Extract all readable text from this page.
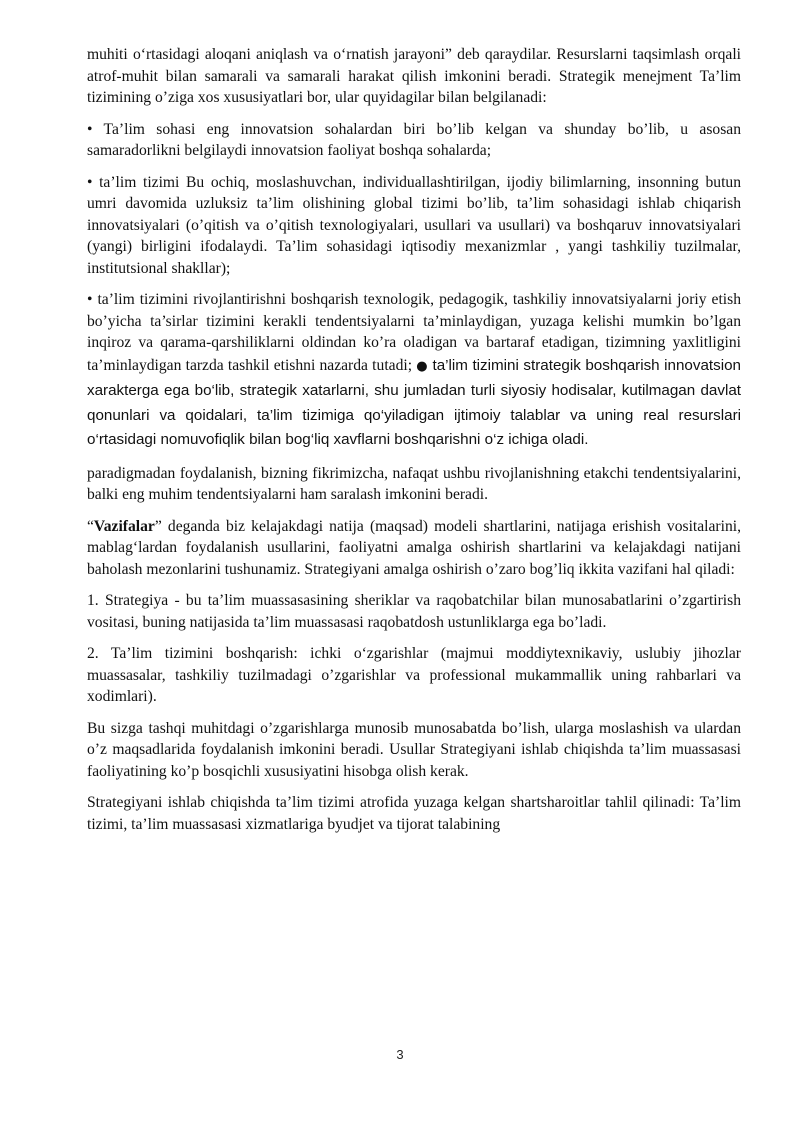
muhiti o‘rtasidagi aloqani aniqlash va o‘rnatish jarayoni” deb qaraydilar. Resurslarni taqsimlash orqali atrof-muhit bilan samarali va samarali harakat qilish imkonini beradi. Strategik menejment Ta’lim tizimining o’ziga xos xususiyatlari bor, ular quyidagilar bilan belgilanadi:

• Ta’lim sohasi eng innovatsion sohalardan biri bo’lib kelgan va shunday bo’lib, u asosan samaradorlikni belgilaydi innovatsion faoliyat boshqa sohalarda;

• ta’lim tizimi Bu ochiq, moslashuvchan, individuallashtirilgan, ijodiy bilimlarning, insonning butun umri davomida uzluksiz ta’lim olishining global tizimi bo’lib, ta’lim sohasidagi ishlab chiqarish innovatsiyalari (o’qitish va o’qitish texnologiyalari, usullari va usullari) va boshqaruv innovatsiyalari (yangi) birligini ifodalaydi. Ta’lim sohasidagi iqtisodiy mexanizmlar , yangi tashkiliy tuzilmalar, institutsional shakllar);

• ta’lim tizimini rivojlantirishni boshqarish texnologik, pedagogik, tashkiliy innovatsiyalarni joriy etish bo’yicha ta’sirlar tizimini kerakli tendentsiyalarni ta’minlaydigan, yuzaga kelishi mumkin bo’lgan inqiroz va qarama-qarshiliklarni oldindan ko’ra oladigan va bartaraf etadigan, tizimning yaxlitligini ta’minlaydigan tarzda tashkil etishni nazarda tutadi; ● ta’lim tizimini strategik boshqarish innovatsion xarakterga ega bo‘lib, strategik xatarlarni, shu jumladan turli siyosiy hodisalar, kutilmagan davlat qonunlari va qoidalari, ta’lim tizimiga qo‘yiladigan ijtimoiy talablar va uning real resurslari o‘rtasidagi nomuvofiqlik bilan bog‘liq xavflarni boshqarishni o‘z ichiga oladi.

paradigmadan foydalanish, bizning fikrimizcha, nafaqat ushbu rivojlanishning etakchi tendentsiyalarini, balki eng muhim tendentsiyalarni ham saralash imkonini beradi.

“Vazifalar” deganda biz kelajakdagi natija (maqsad) modeli shartlarini, natijaga erishish vositalarini, mablag‘lardan foydalanish usullarini, faoliyatni amalga oshirish shartlarini va kelajakdagi natijani baholash mezonlarini tushunamiz. Strategiyani amalga oshirish o’zaro bog’liq ikkita vazifani hal qiladi:

1. Strategiya - bu ta’lim muassasasining sheriklar va raqobatchilar bilan munosabatlarini o’zgartirish vositasi, buning natijasida ta’lim muassasasi raqobatdosh ustunliklarga ega bo’ladi.

2. Ta’lim tizimini boshqarish: ichki o‘zgarishlar (majmui moddiytexnikaviy, uslubiy jihozlar muassasalar, tashkiliy tuzilmadagi o’zgarishlar va professional mukammallik uning rahbarlari va xodimlari).

Bu sizga tashqi muhitdagi o’zgarishlarga munosib munosabatda bo’lish, ularga moslashish va ulardan o’z maqsadlarida foydalanish imkonini beradi. Usullar Strategiyani ishlab chiqishda ta’lim muassasasi faoliyatining ko’p bosqichli xususiyatini hisobga olish kerak.

Strategiyani ishlab chiqishda ta’lim tizimi atrofida yuzaga kelgan shartsharoitlar tahlil qilinadi: Ta’lim tizimi, ta’lim muassasasi xizmatlariga byudjet va tijorat talabining

3
